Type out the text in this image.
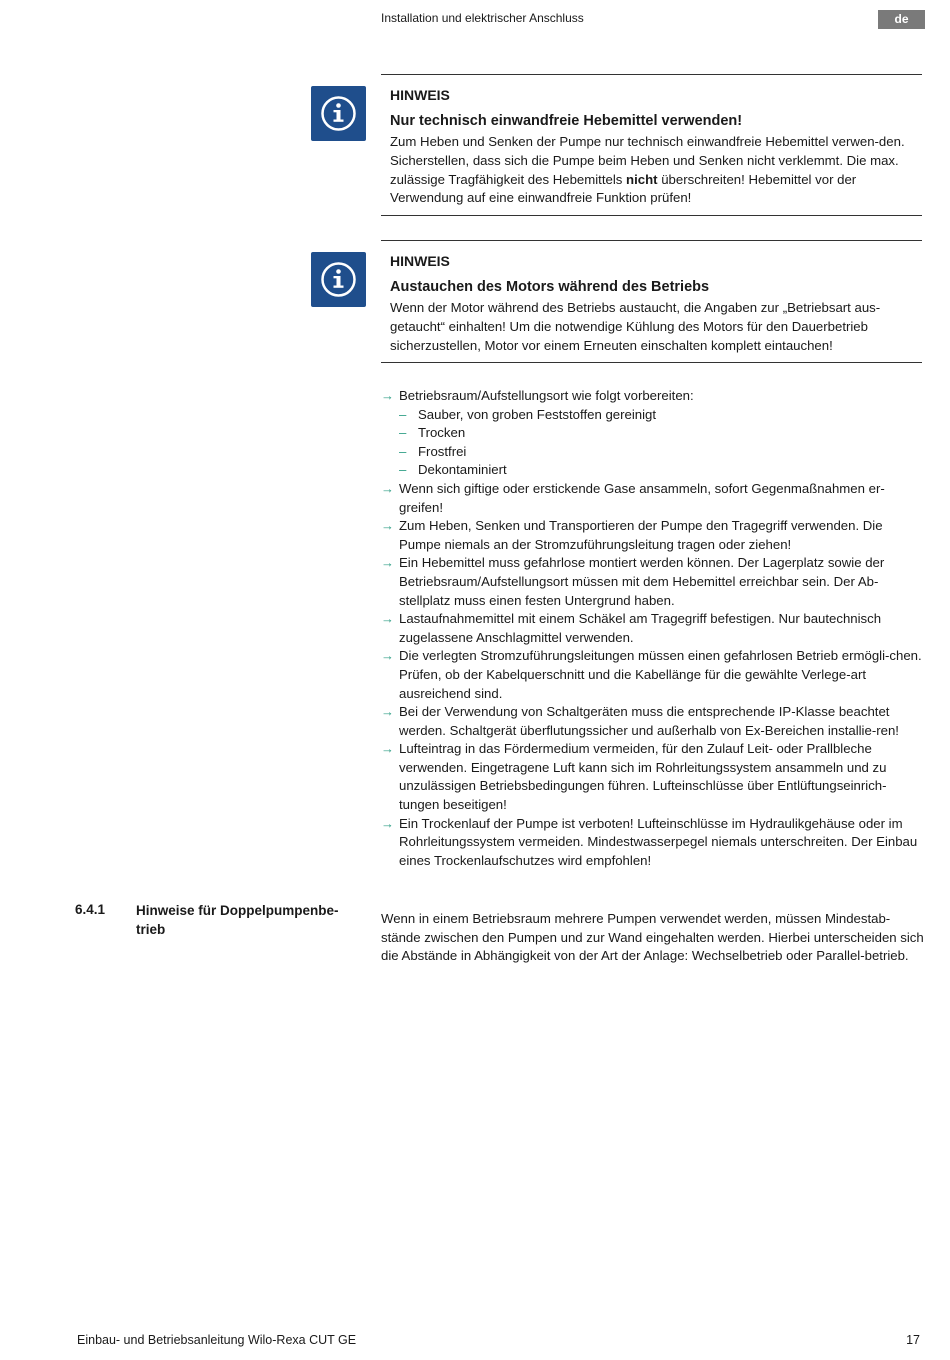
Installation und elektrischer Anschluss	de
HINWEIS
Nur technisch einwandfreie Hebemittel verwenden!

Zum Heben und Senken der Pumpe nur technisch einwandfreie Hebemittel verwen-den. Sicherstellen, dass sich die Pumpe beim Heben und Senken nicht verklemmt. Die max. zulässige Tragfähigkeit des Hebemittels nicht überschreiten! Hebemittel vor der Verwendung auf eine einwandfreie Funktion prüfen!

HINWEIS
Austauchen des Motors während des Betriebs

Wenn der Motor während des Betriebs austaucht, die Angaben zur „Betriebsart aus-getaucht“ einhalten! Um die notwendige Kühlung des Motors für den Dauerbetrieb sicherzustellen, Motor vor einem Erneuten einschalten komplett eintauchen!

→ Betriebsraum/Aufstellungsort wie folgt vorbereiten:
– Sauber, von groben Feststoffen gereinigt
– Trocken
– Frostfrei
– Dekontaminiert
→ Wenn sich giftige oder erstickende Gase ansammeln, sofort Gegenmaßnahmen er-greifen!
→ Zum Heben, Senken und Transportieren der Pumpe den Tragegriff verwenden. Die Pumpe niemals an der Stromzuführungsleitung tragen oder ziehen!
→ Ein Hebemittel muss gefahrlose montiert werden können. Der Lagerplatz sowie der Betriebsraum/Aufstellungsort müssen mit dem Hebemittel erreichbar sein. Der Ab-stellplatz muss einen festen Untergrund haben.
→ Lastaufnahmemittel mit einem Schäkel am Tragegriff befestigen. Nur bautechnisch zugelassene Anschlagmittel verwenden.
→ Die verlegten Stromzuführungsleitungen müssen einen gefahrlosen Betrieb ermögli-chen. Prüfen, ob der Kabelquerschnitt und die Kabellänge für die gewählte Verlege-art ausreichend sind.
→ Bei der Verwendung von Schaltgeräten muss die entsprechende IP-Klasse beachtet werden. Schaltgerät überflutungssicher und außerhalb von Ex-Bereichen installie-ren!
→ Lufteintrag in das Fördermedium vermeiden, für den Zulauf Leit- oder Prallbleche verwenden. Eingetragene Luft kann sich im Rohrleitungssystem ansammeln und zu unzulässigen Betriebsbedingungen führen. Lufteinschlüsse über Entlüftungseinrich-tungen beseitigen!
→ Ein Trockenlauf der Pumpe ist verboten! Lufteinschlüsse im Hydraulikgehäuse oder im Rohrleitungssystem vermeiden. Mindestwasserpegel niemals unterschreiten. Der Einbau eines Trockenlaufschutzes wird empfohlen!
6.4.1 Hinweise für Doppelpumpenbe-trieb

Wenn in einem Betriebsraum mehrere Pumpen verwendet werden, müssen Mindestab-stände zwischen den Pumpen und zur Wand eingehalten werden. Hierbei unterscheiden sich die Abstände in Abhängigkeit von der Art der Anlage: Wechselbetrieb oder Parallel-betrieb.

Einbau- und Betriebsanleitung Wilo-Rexa CUT GE	17
